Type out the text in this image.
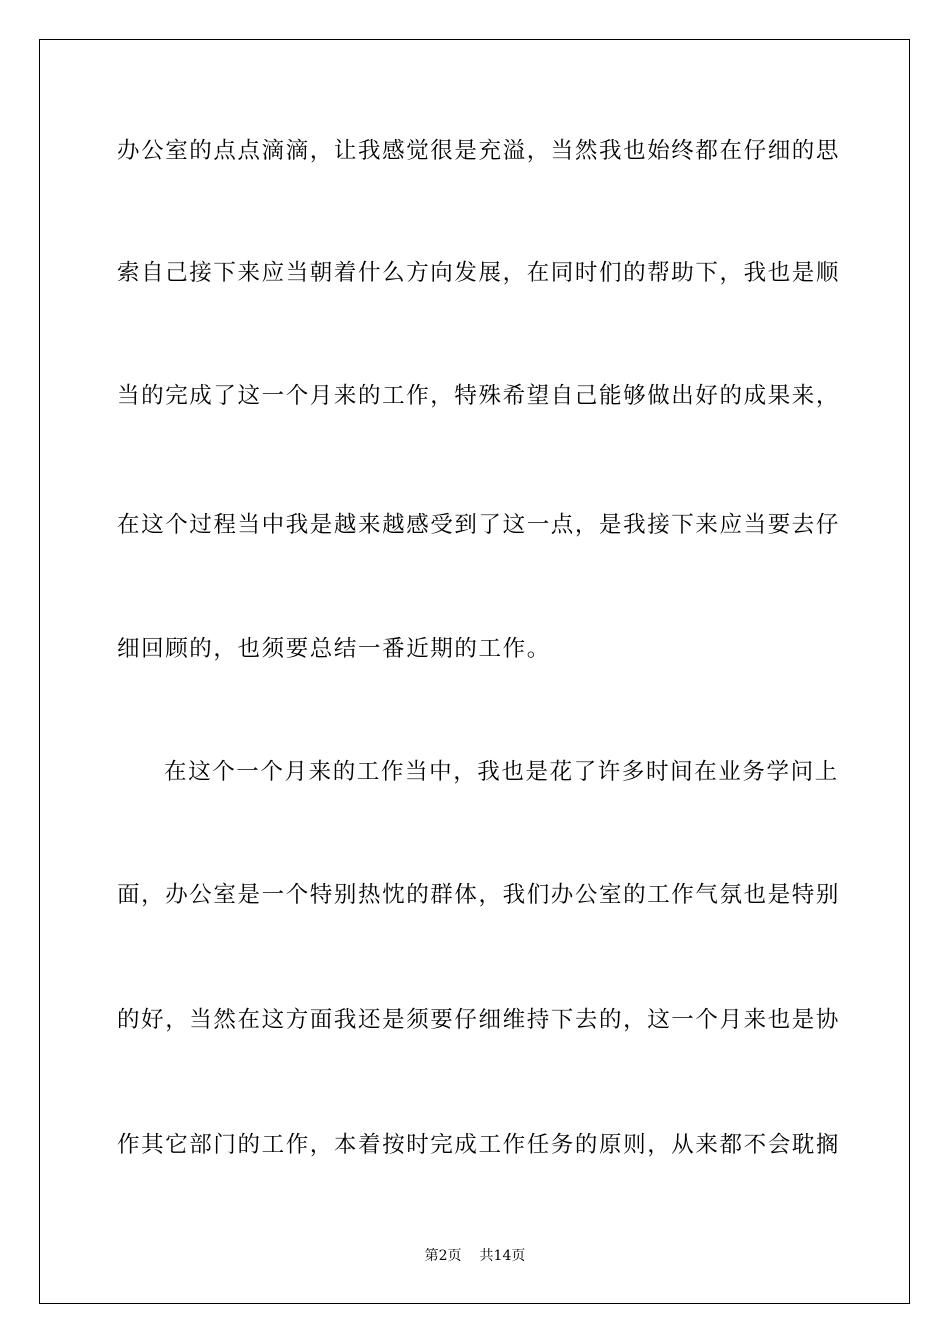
办公室的点点滴滴，让我感觉很是充溢，当然我也始终都在仔细的思
索自己接下来应当朝着什么方向发展，在同时们的帮助下，我也是顺
当的完成了这一个月来的工作，特殊希望自己能够做出好的成果来，
在这个过程当中我是越来越感受到了这一点，是我接下来应当要去仔
细回顾的，也须要总结一番近期的工作。
在这个一个月来的工作当中，我也是花了许多时间在业务学问上
面，办公室是一个特别热忱的群体，我们办公室的工作气氛也是特别
的好，当然在这方面我还是须要仔细维持下去的，这一个月来也是协
作其它部门的工作，本着按时完成工作任务的原则，从来都不会耽搁
第2页 共14页
